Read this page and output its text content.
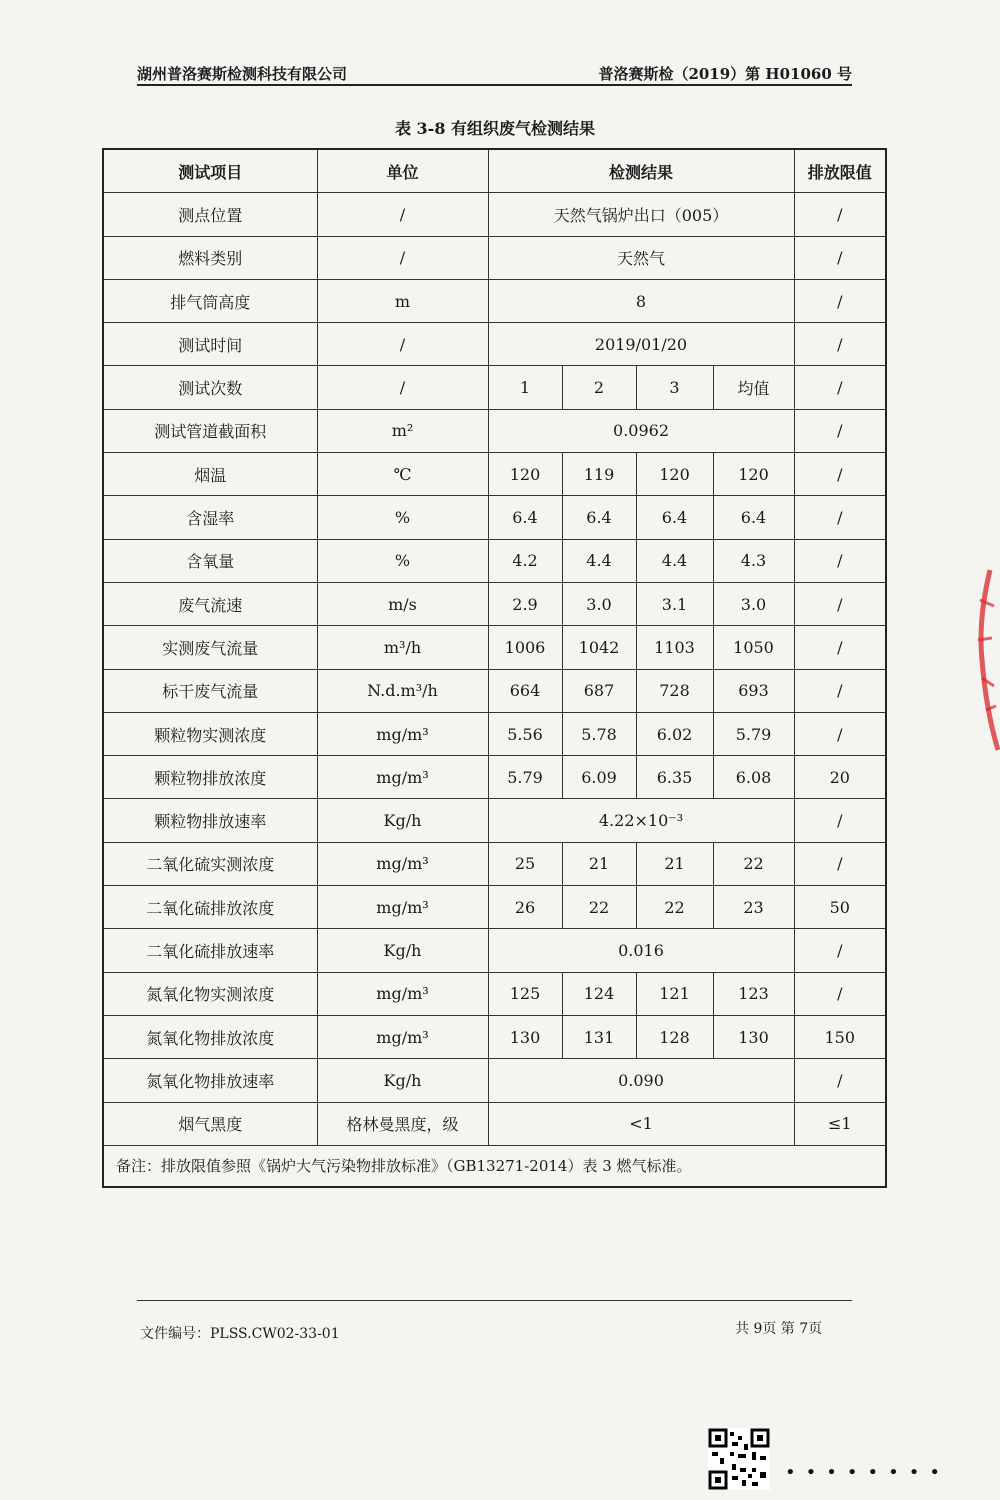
湖州普洛赛斯检测科技有限公司	普洛赛斯检（2019）第 H01060 号
表 3-8 有组织废气检测结果
测试项目	单位	检测结果				排放限值
测点位置	/	天然气锅炉出口（005）				/
燃料类别	/	天然气				/
排气筒高度	m	8				/
测试时间	/	2019/01/20				/
测试次数	/	1	2	3	均值	/
测试管道截面积	m²	0.0962				/
烟温	℃	120	119	120	120	/
含湿率	%	6.4	6.4	6.4	6.4	/
含氧量	%	4.2	4.4	4.4	4.3	/
废气流速	m/s	2.9	3.0	3.1	3.0	/
实测废气流量	m³/h	1006	1042	1103	1050	/
标干废气流量	N.d.m³/h	664	687	728	693	/
颗粒物实测浓度	mg/m³	5.56	5.78	6.02	5.79	/
颗粒物排放浓度	mg/m³	5.79	6.09	6.35	6.08	20
颗粒物排放速率	Kg/h	4.22×10⁻³				/
二氧化硫实测浓度	mg/m³	25	21	21	22	/
二氧化硫排放浓度	mg/m³	26	22	22	23	50
二氧化硫排放速率	Kg/h	0.016				/
氮氧化物实测浓度	mg/m³	125	124	121	123	/
氮氧化物排放浓度	mg/m³	130	131	128	130	150
氮氧化物排放速率	Kg/h	0.090				/
烟气黑度	格林曼黑度，级	<1				≤1
备注：排放限值参照《锅炉大气污染物排放标准》（GB13271-2014）表 3 燃气标准。						
文件编号：PLSS.CW02-33-01	共 9页 第 7页
••••••••
